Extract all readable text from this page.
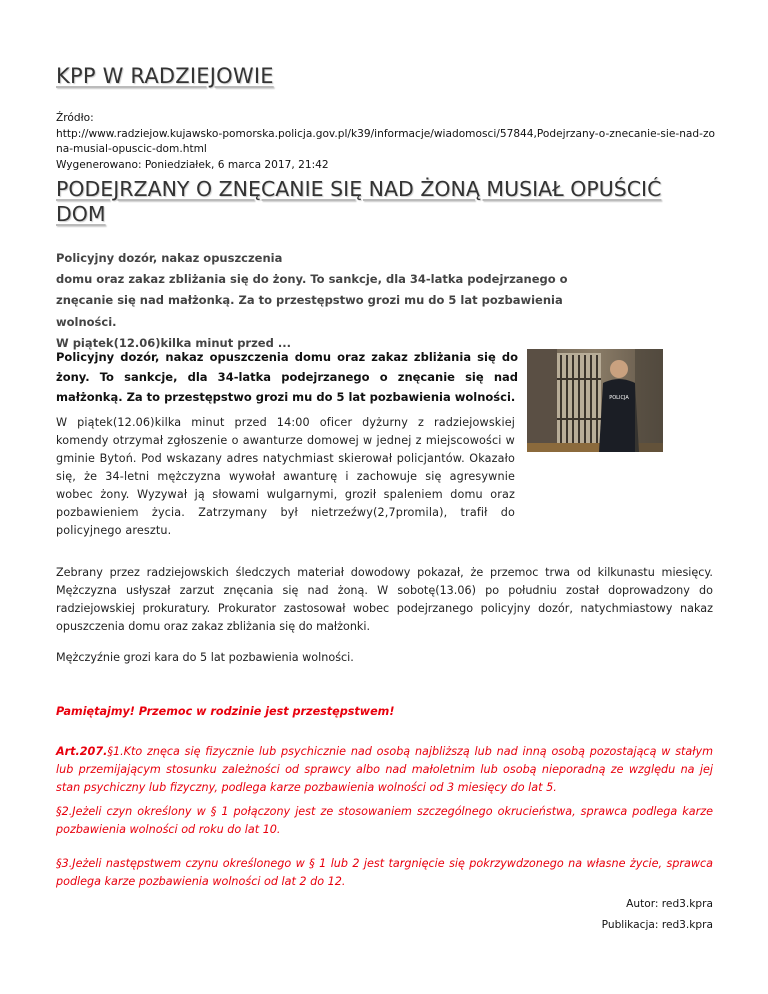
KPP W RADZIEJOWIE
Źródło:
http://www.radziejow.kujawsko-pomorska.policja.gov.pl/k39/informacje/wiadomosci/57844,Podejrzany-o-znecanie-sie-nad-zo
na-musial-opuscic-dom.html
Wygenerowano: Poniedziałek, 6 marca 2017, 21:42
PODEJRZANY O ZNĘCANIE SIĘ NAD ŻONĄ MUSIAŁ OPUŚCIĆ DOM
Policyjny dozór, nakaz opuszczenia
domu oraz zakaz zbliżania się do żony. To sankcje, dla 34-latka podejrzanego o
znęcanie się nad małżonką. Za to przestępstwo grozi mu do 5 lat pozbawienia
wolności.
W piątek(12.06)kilka minut przed ...
Policyjny dozór, nakaz opuszczenia domu oraz zakaz zbliżania się do żony. To sankcje, dla 34-latka podejrzanego o znęcanie się nad małżonką. Za to przestępstwo grozi mu do 5 lat pozbawienia wolności.	POLICJA
W piątek(12.06)kilka minut przed 14:00 oficer dyżurny z radziejowskiej komendy otrzymał zgłoszenie o awanturze domowej w jednej z miejscowości w gminie Bytoń. Pod wskazany adres natychmiast skierował policjantów. Okazało się, że 34-letni mężczyzna wywołał awanturę i zachowuje się agresywnie wobec żony. Wyzywał ją słowami wulgarnymi, groził spaleniem domu oraz pozbawieniem życia. Zatrzymany był nietrzeźwy(2,7promila), trafił do policyjnego aresztu.
Zebrany przez radziejowskich śledczych materiał dowodowy pokazał, że przemoc trwa od kilkunastu miesięcy. Mężczyzna usłyszał zarzut znęcania się nad żoną. W sobotę(13.06) po południu został doprowadzony do radziejowskiej prokuratury. Prokurator zastosował wobec podejrzanego policyjny dozór, natychmiastowy nakaz opuszczenia domu oraz zakaz zbliżania się do małżonki.
Mężczyźnie grozi kara do 5 lat pozbawienia wolności.
Pamiętajmy! Przemoc w rodzinie jest przestępstwem!
Art.207.§1.Kto znęca się fizycznie lub psychicznie nad osobą najbliższą lub nad inną osobą pozostającą w stałym lub przemijającym stosunku zależności od sprawcy albo nad małoletnim lub osobą nieporadną ze względu na jej stan psychiczny lub fizyczny, podlega karze pozbawienia wolności od 3 miesięcy do lat 5.
§2.Jeżeli czyn określony w § 1 połączony jest ze stosowaniem szczególnego okrucieństwa, sprawca podlega karze pozbawienia wolności od roku do lat 10.
§3.Jeżeli następstwem czynu określonego w § 1 lub 2 jest targnięcie się pokrzywdzonego na własne życie, sprawca podlega karze pozbawienia wolności od lat 2 do 12.
Autor: red3.kpra
Publikacja: red3.kpra
